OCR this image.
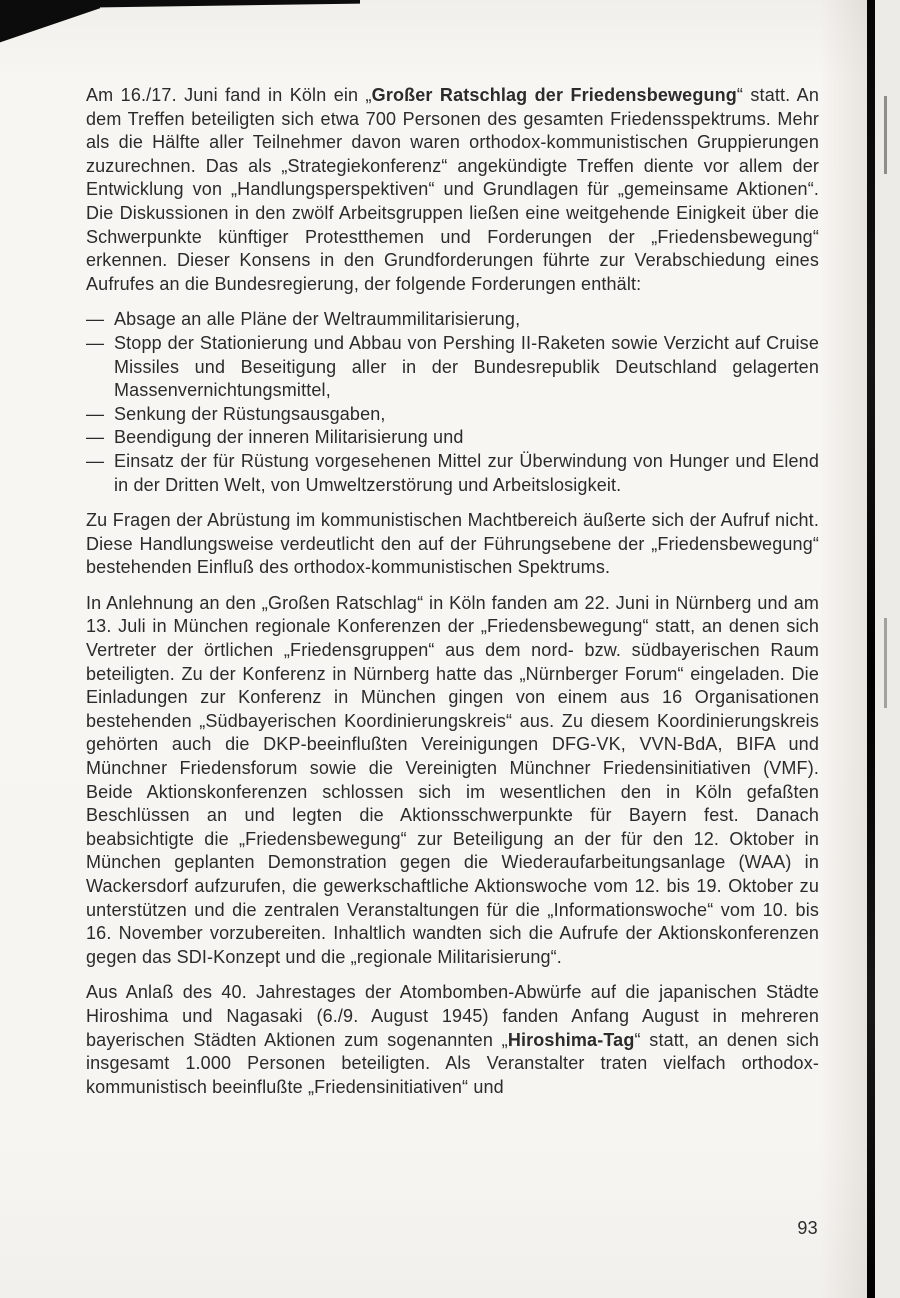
Am 16./17. Juni fand in Köln ein „Großer Ratschlag der Friedensbewegung“ statt. An dem Treffen beteiligten sich etwa 700 Personen des gesamten Friedensspektrums. Mehr als die Hälfte aller Teilnehmer davon waren orthodox-kommunistischen Gruppierungen zuzurechnen. Das als „Strategiekonferenz“ angekündigte Treffen diente vor allem der Entwicklung von „Handlungsperspektiven“ und Grundlagen für „gemeinsame Aktionen“. Die Diskussionen in den zwölf Arbeitsgruppen ließen eine weitgehende Einigkeit über die Schwerpunkte künftiger Protestthemen und Forderungen der „Friedensbewegung“ erkennen. Dieser Konsens in den Grundforderungen führte zur Verabschiedung eines Aufrufes an die Bundesregierung, der folgende Forderungen enthält:

— Absage an alle Pläne der Weltraummilitarisierung,
— Stopp der Stationierung und Abbau von Pershing II-Raketen sowie Verzicht auf Cruise Missiles und Beseitigung aller in der Bundesrepublik Deutschland gelagerten Massenvernichtungsmittel,
— Senkung der Rüstungsausgaben,
— Beendigung der inneren Militarisierung und
— Einsatz der für Rüstung vorgesehenen Mittel zur Überwindung von Hunger und Elend in der Dritten Welt, von Umweltzerstörung und Arbeitslosigkeit.

Zu Fragen der Abrüstung im kommunistischen Machtbereich äußerte sich der Aufruf nicht. Diese Handlungsweise verdeutlicht den auf der Führungsebene der „Friedensbewegung“ bestehenden Einfluß des orthodox-kommunistischen Spektrums.

In Anlehnung an den „Großen Ratschlag“ in Köln fanden am 22. Juni in Nürnberg und am 13. Juli in München regionale Konferenzen der „Friedensbewegung“ statt, an denen sich Vertreter der örtlichen „Friedensgruppen“ aus dem nord- bzw. südbayerischen Raum beteiligten. Zu der Konferenz in Nürnberg hatte das „Nürnberger Forum“ eingeladen. Die Einladungen zur Konferenz in München gingen von einem aus 16 Organisationen bestehenden „Südbayerischen Koordinierungskreis“ aus. Zu diesem Koordinierungskreis gehörten auch die DKP-beeinflußten Vereinigungen DFG-VK, VVN-BdA, BIFA und Münchner Friedensforum sowie die Vereinigten Münchner Friedensinitiativen (VMF). Beide Aktionskonferenzen schlossen sich im wesentlichen den in Köln gefaßten Beschlüssen an und legten die Aktionsschwerpunkte für Bayern fest. Danach beabsichtigte die „Friedensbewegung“ zur Beteiligung an der für den 12. Oktober in München geplanten Demonstration gegen die Wiederaufarbeitungsanlage (WAA) in Wackersdorf aufzurufen, die gewerkschaftliche Aktionswoche vom 12. bis 19. Oktober zu unterstützen und die zentralen Veranstaltungen für die „Informationswoche“ vom 10. bis 16. November vorzubereiten. Inhaltlich wandten sich die Aufrufe der Aktionskonferenzen gegen das SDI-Konzept und die „regionale Militarisierung“.

Aus Anlaß des 40. Jahrestages der Atombomben-Abwürfe auf die japanischen Städte Hiroshima und Nagasaki (6./9. August 1945) fanden Anfang August in mehreren bayerischen Städten Aktionen zum sogenannten „Hiroshima-Tag“ statt, an denen sich insgesamt 1.000 Personen beteiligten. Als Veranstalter traten vielfach orthodox-kommunistisch beeinflußte „Friedensinitiativen“ und

93
